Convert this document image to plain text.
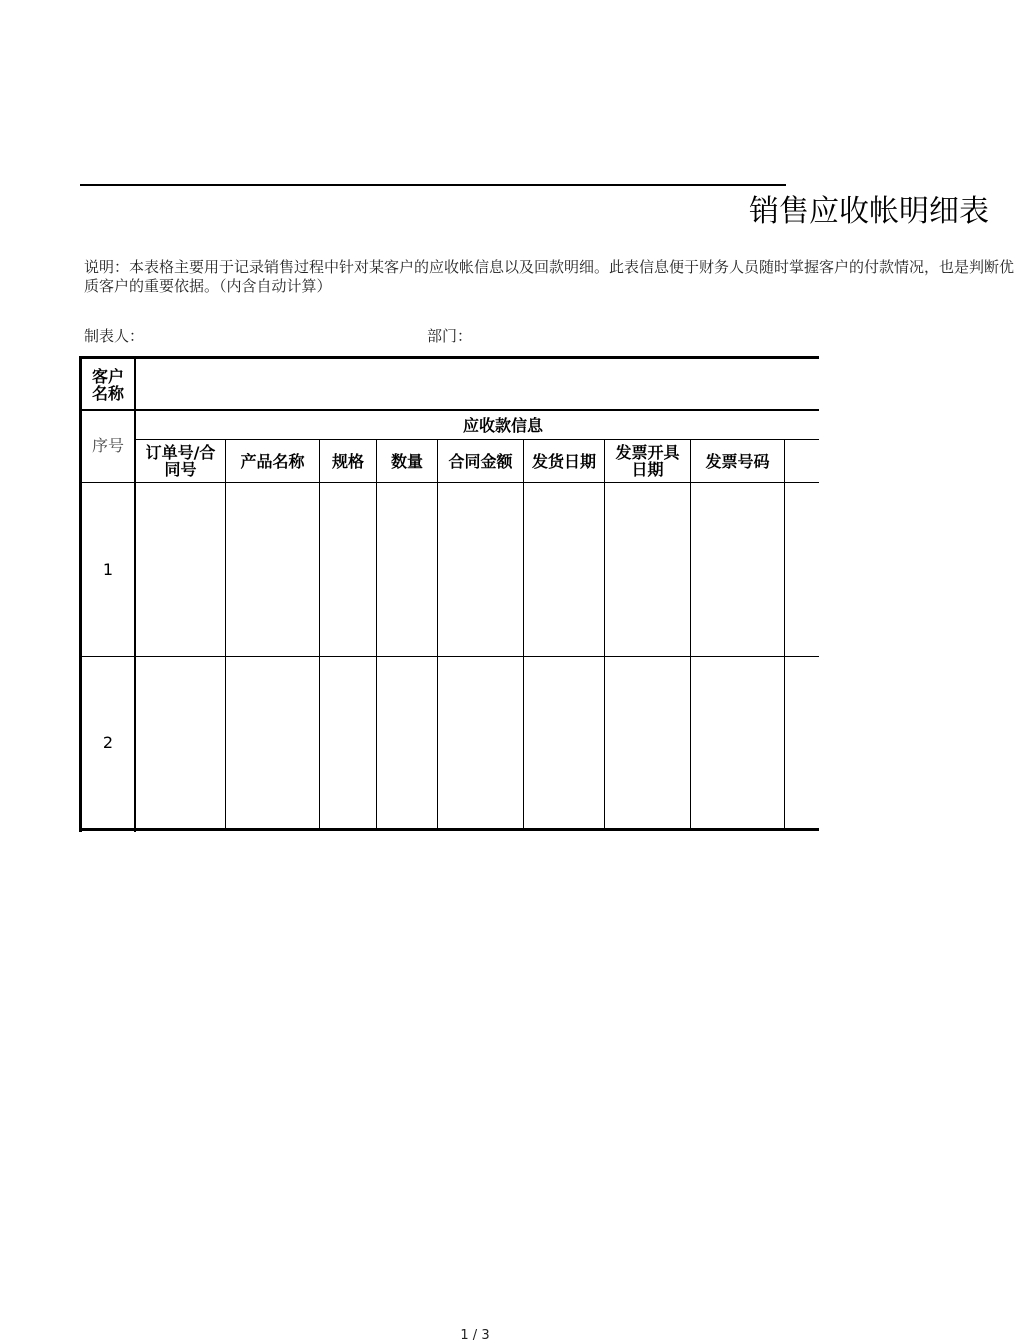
销售应收帐明细表
说明：本表格主要用于记录销售过程中针对某客户的应收帐信息以及回款明细。此表信息便于财务人员随时掌握客户的付款情况，也是判断优
质客户的重要依据。（内含自动计算）
制表人：	部门：
客户名称
应收款信息
序号	订单号/合同号	产品名称	规格	数量	合同金额	发货日期	发票开具日期	发票号码
1
2
1 / 3
